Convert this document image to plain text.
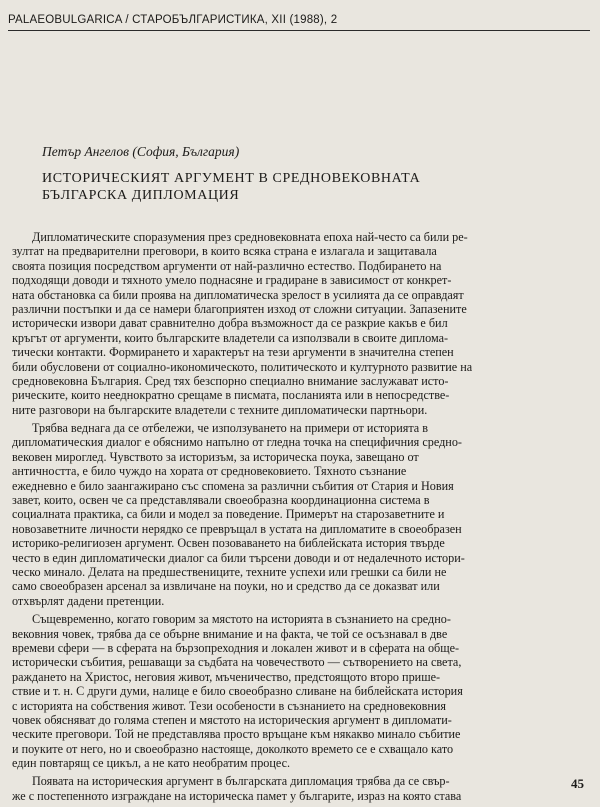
PALAEOBULGARICA / СТАРОБЪЛГАРИСТИКА, XII (1988), 2
Петър Ангелов (София, България)
ИСТОРИЧЕСКИЯТ АРГУМЕНТ В СРЕДНОВЕКОВНАТА
БЪЛГАРСКА ДИПЛОМАЦИЯ
Дипломатическите споразумения през средновековната епоха най-често са били ре-
зултат на предварителни преговори, в които всяка страна е излагала и защитавала
своята позиция посредством аргументи от най-различно естество. Подбирането на
подходящи доводи и тяхното умело поднасяне и градиране в зависимост от конкрет-
ната обстановка са били проява на дипломатическа зрелост в усилията да се оправдаят
различни постъпки и да се намери благоприятен изход от сложни ситуации. Запазените
исторически извори дават сравнително добра възможност да се разкрие какъв е бил
кръгът от аргументи, които българските владетели са използвали в своите диплома-
тически контакти. Формирането и характерът на тези аргументи в значителна степен
били обусловени от социално-икономическото, политическото и културното развитие на
средновековна България. Сред тях безспорно специално внимание заслужават исто-
рическите, които нееднократно срещаме в писмата, посланията или в непосредстве-
ните разговори на българските владетели с техните дипломатически партньори.
Трябва веднага да се отбележи, че използуването на примери от историята в
дипломатическия диалог е обяснимо напълно от гледна точка на специфичния средно-
вековен мироглед. Чувството за историзъм, за историческа поука, завещано от
античността, е било чуждо на хората от средновековието. Тяхното съзнание
ежедневно е било заангажирано със спомена за различни събития от Стария и Новия
завет, които, освен че са представлявали своеобразна координационна система в
социалната практика, са били и модел за поведение. Примерът на старозаветните и
новозаветните личности нерядко се превръщал в устата на дипломатите в своеобразен
историко-религиозен аргумент. Освен позоваването на библейската история твърде
често в един дипломатически диалог са били търсени доводи и от недалечното истори-
ческо минало. Делата на предшествениците, техните успехи или грешки са били не
само своеобразен арсенал за извличане на поуки, но и средство да се доказват или
отхвърлят дадени претенции.
Същевременно, когато говорим за мястото на историята в съзнанието на средно-
вековния човек, трябва да се обърне внимание и на факта, че той се осъзнавал в две
времеви сфери — в сферата на бързопреходния и локален живот и в сферата на обще-
исторически събития, решаващи за съдбата на човечеството — сътворението на света,
раждането на Христос, неговия живот, мъченичество, предстоящото второ прише-
ствие и т. н. С други думи, налице е било своеобразно сливане на библейската история
с историята на собствения живот. Тези особености в съзнанието на средновековния
човек обясняват до голяма степен и мястото на историческия аргумент в дипломати-
ческите преговори. Той не представлява просто връщане към някакво минало събитие
и поуките от него, но и своеобразно настояще, доколкото времето се е схващало като
един повтарящ се цикъл, а не като необратим процес.
Появата на историческия аргумент в българската дипломация трябва да се свър-
же с постепенното изграждане на историческа памет у българите, израз на която става
45
